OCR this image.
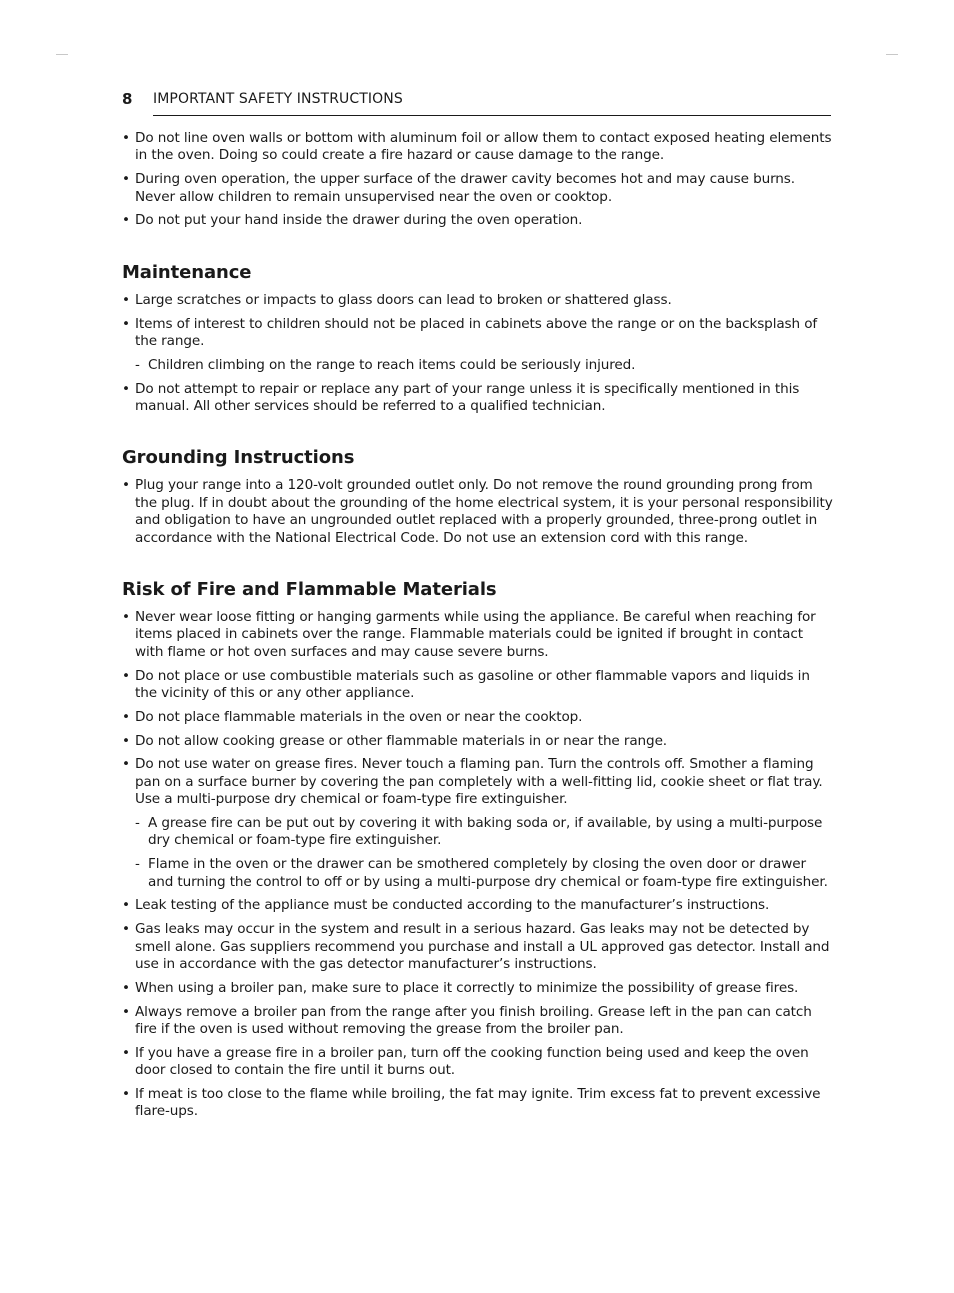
8 IMPORTANT SAFETY INSTRUCTIONS
• Do not line oven walls or bottom with aluminum foil or allow them to contact exposed heating elements in the oven. Doing so could create a fire hazard or cause damage to the range.
• During oven operation, the upper surface of the drawer cavity becomes hot and may cause burns. Never allow children to remain unsupervised near the oven or cooktop.
• Do not put your hand inside the drawer during the oven operation.
Maintenance
• Large scratches or impacts to glass doors can lead to broken or shattered glass.
• Items of interest to children should not be placed in cabinets above the range or on the backsplash of the range.
- Children climbing on the range to reach items could be seriously injured.
• Do not attempt to repair or replace any part of your range unless it is specifically mentioned in this manual. All other services should be referred to a qualified technician.
Grounding Instructions
• Plug your range into a 120-volt grounded outlet only. Do not remove the round grounding prong from the plug. If in doubt about the grounding of the home electrical system, it is your personal responsibility and obligation to have an ungrounded outlet replaced with a properly grounded, three-prong outlet in accordance with the National Electrical Code. Do not use an extension cord with this range.
Risk of Fire and Flammable Materials
• Never wear loose fitting or hanging garments while using the appliance. Be careful when reaching for items placed in cabinets over the range. Flammable materials could be ignited if brought in contact with flame or hot oven surfaces and may cause severe burns.
• Do not place or use combustible materials such as gasoline or other flammable vapors and liquids in the vicinity of this or any other appliance.
• Do not place flammable materials in the oven or near the cooktop.
• Do not allow cooking grease or other flammable materials in or near the range.
• Do not use water on grease fires. Never touch a flaming pan. Turn the controls off. Smother a flaming pan on a surface burner by covering the pan completely with a well-fitting lid, cookie sheet or flat tray. Use a multi-purpose dry chemical or foam-type fire extinguisher.
- A grease fire can be put out by covering it with baking soda or, if available, by using a multi-purpose dry chemical or foam-type fire extinguisher.
- Flame in the oven or the drawer can be smothered completely by closing the oven door or drawer and turning the control to off or by using a multi-purpose dry chemical or foam-type fire extinguisher.
• Leak testing of the appliance must be conducted according to the manufacturer’s instructions.
• Gas leaks may occur in the system and result in a serious hazard. Gas leaks may not be detected by smell alone. Gas suppliers recommend you purchase and install a UL approved gas detector. Install and use in accordance with the gas detector manufacturer’s instructions.
• When using a broiler pan, make sure to place it correctly to minimize the possibility of grease fires.
• Always remove a broiler pan from the range after you finish broiling. Grease left in the pan can catch fire if the oven is used without removing the grease from the broiler pan.
• If you have a grease fire in a broiler pan, turn off the cooking function being used and keep the oven door closed to contain the fire until it burns out.
• If meat is too close to the flame while broiling, the fat may ignite. Trim excess fat to prevent excessive flare-ups.
